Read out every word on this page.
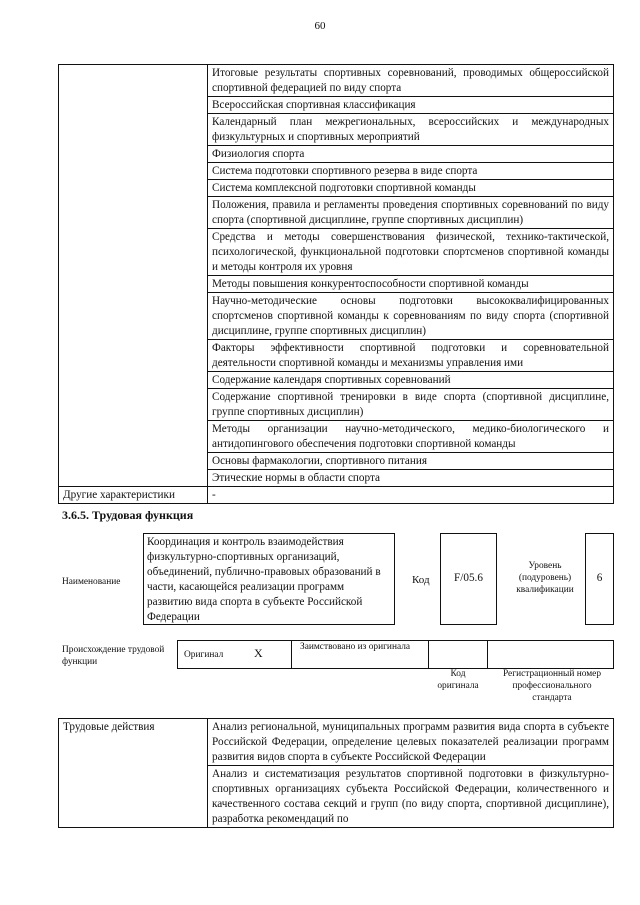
60
	Итоговые результаты спортивных соревнований, проводимых общероссийской спортивной федерацией по виду спорта
	Всероссийская спортивная классификация
	Календарный план межрегиональных, всероссийских и международных физкультурных и спортивных мероприятий
	Физиология спорта
	Система подготовки спортивного резерва в виде спорта
	Система комплексной подготовки спортивной команды
	Положения, правила и регламенты проведения спортивных соревнований по виду спорта (спортивной дисциплине, группе спортивных дисциплин)
	Средства и методы совершенствования физической, технико-тактической, психологической, функциональной подготовки спортсменов спортивной команды и методы контроля их уровня
	Методы повышения конкурентоспособности спортивной команды
	Научно-методические основы подготовки высококвалифицированных спортсменов спортивной команды к соревнованиям по виду спорта (спортивной дисциплине, группе спортивных дисциплин)
	Факторы эффективности спортивной подготовки и соревновательной деятельности спортивной команды и механизмы управления ими
	Содержание календаря спортивных соревнований
	Содержание спортивной тренировки в виде спорта (спортивной дисциплине, группе спортивных дисциплин)
	Методы организации научно-методического, медико-биологического и антидопингового обеспечения подготовки спортивной команды
	Основы фармакологии, спортивного питания
	Этические нормы в области спорта
Другие характеристики	-
3.6.5. Трудовая функция
Наименование
Координация и контроль взаимодействия физкультурно-спортивных организаций, объединений, публично-правовых образований в части, касающейся реализации программ развитию вида спорта в субъекте Российской Федерации
Код	F/05.6
Уровень (подуровень) квалификации
6
Происхождение трудовой функции
Оригинал	X	Заимствовано из оригинала
Код оригинала
Регистрационный номер профессионального стандарта
Трудовые действия	Анализ региональной, муниципальных программ развития вида спорта в субъекте Российской Федерации, определение целевых показателей реализации программ развития видов спорта в субъекте Российской Федерации
	Анализ и систематизация результатов спортивной подготовки в физкультурно-спортивных организациях субъекта Российской Федерации, количественного и качественного состава секций и групп (по виду спорта, спортивной дисциплине), разработка рекомендаций по
